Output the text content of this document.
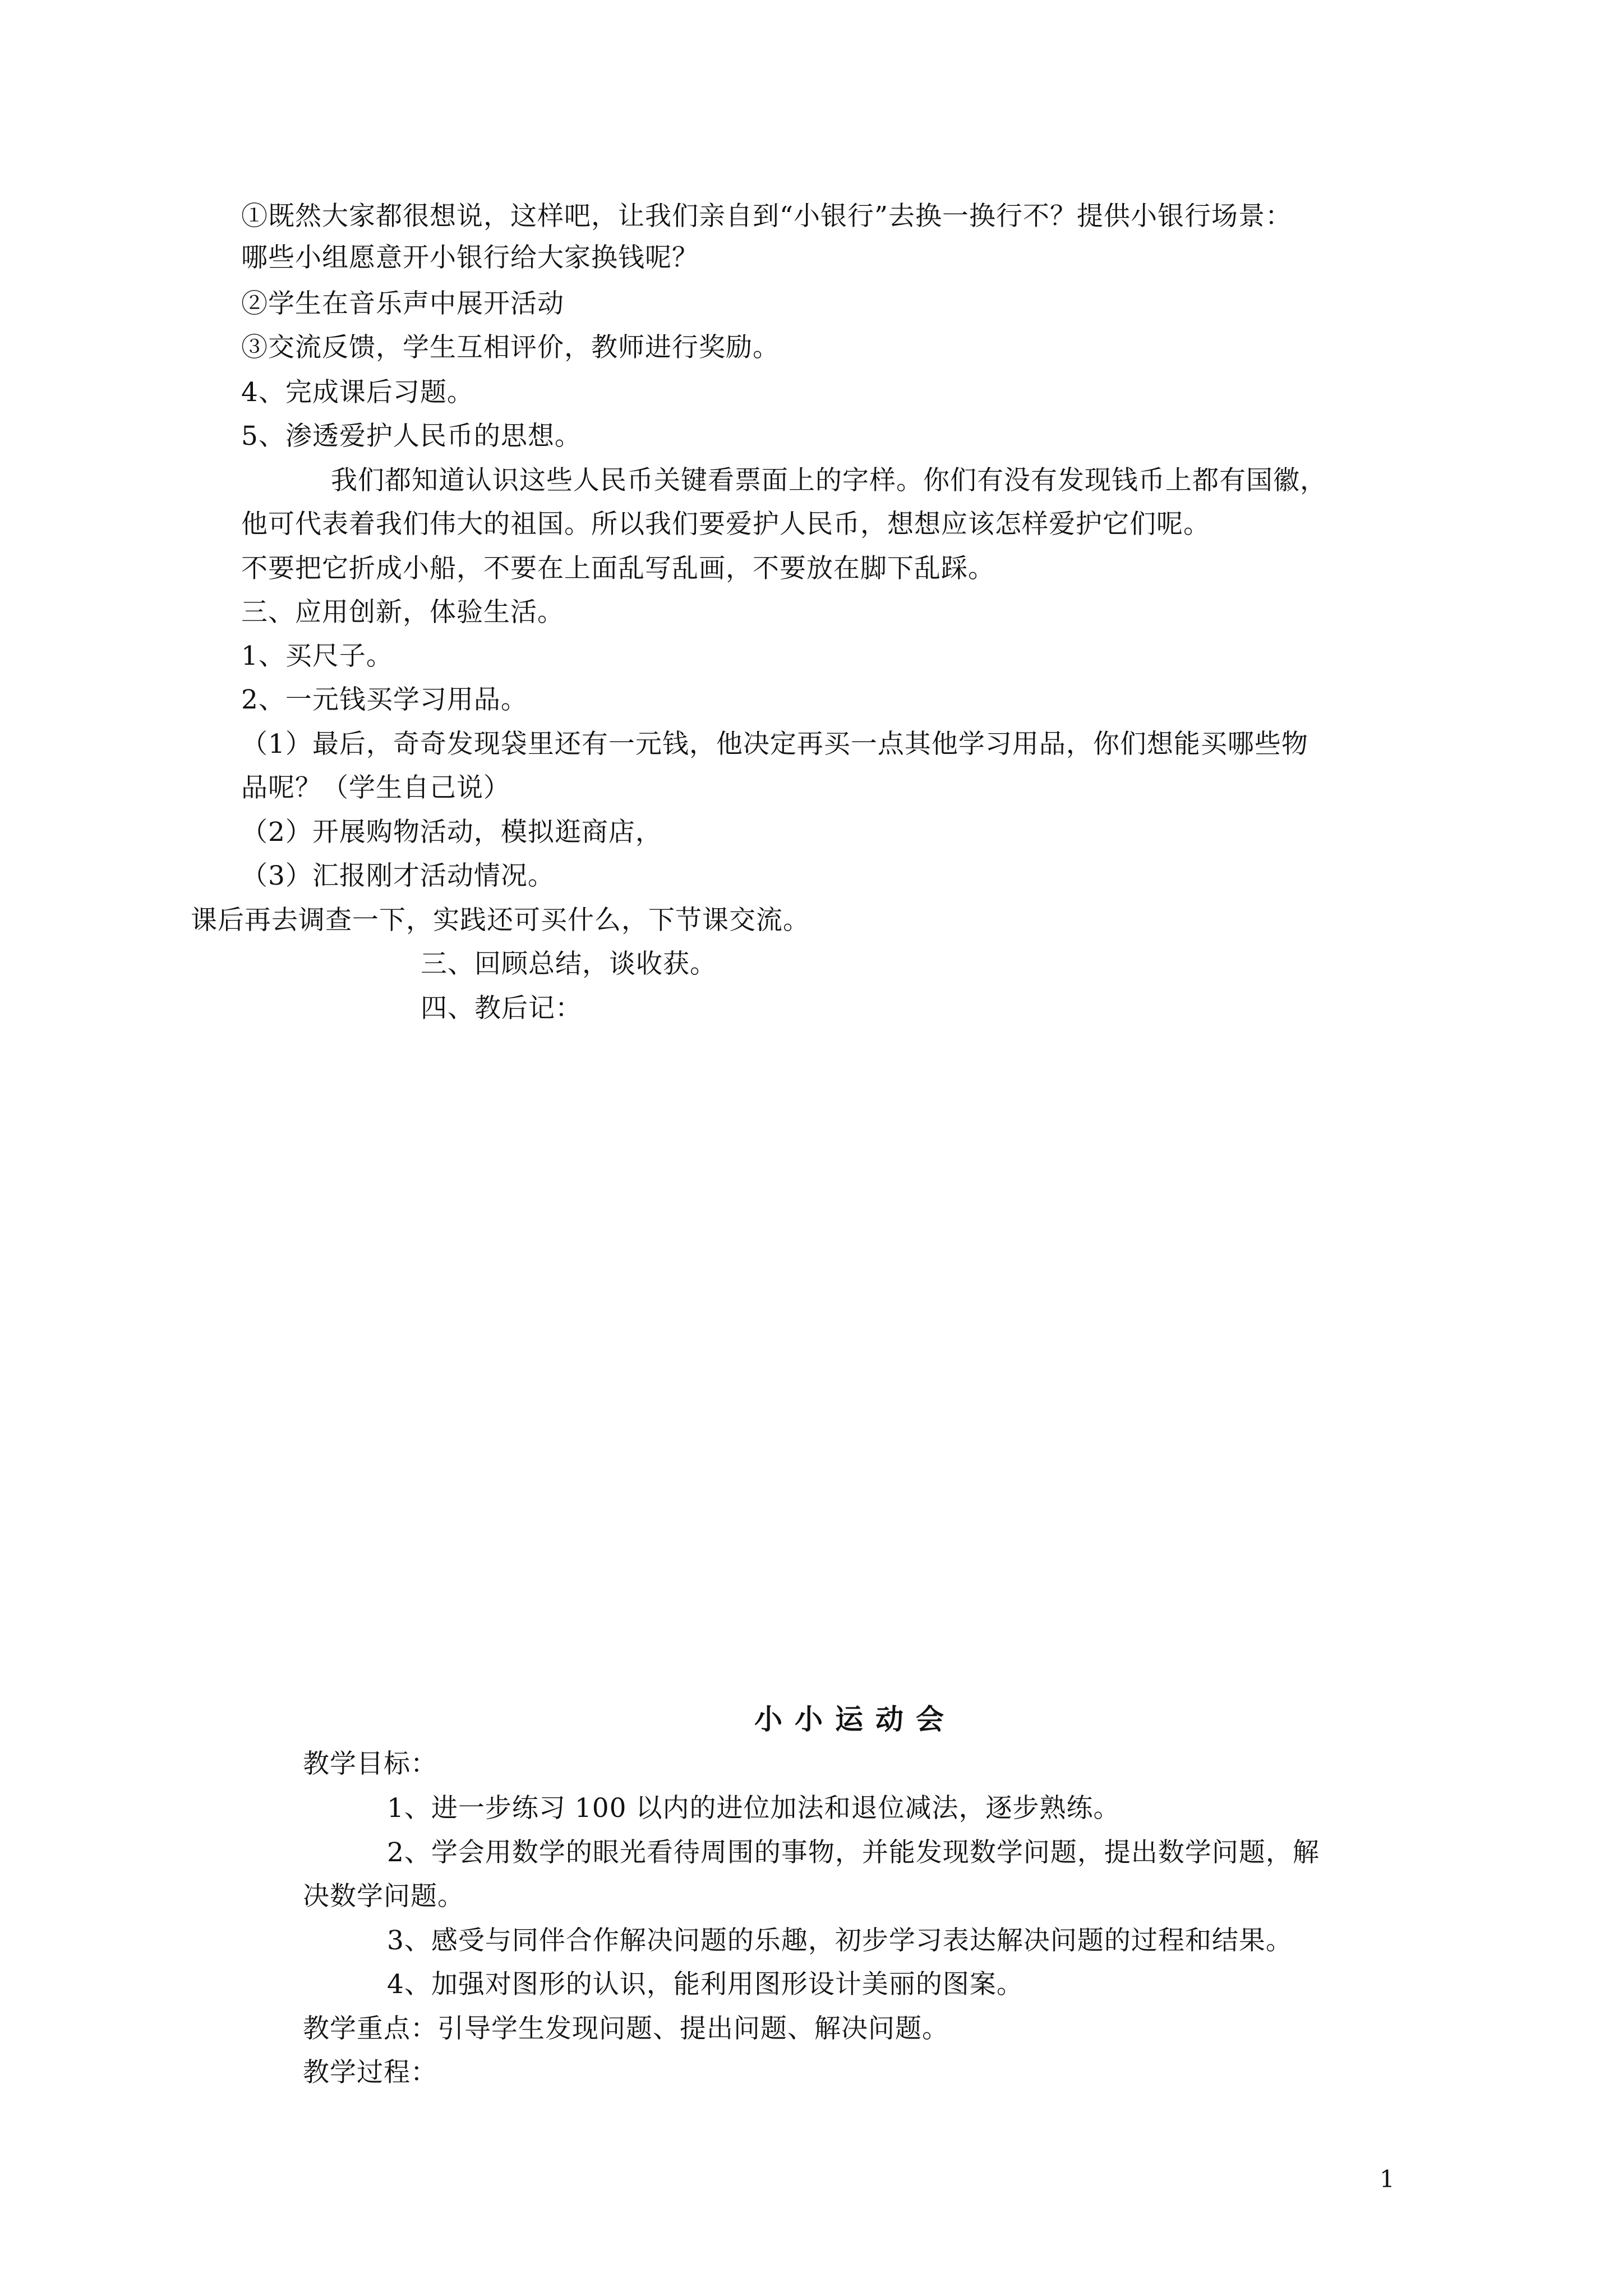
①既然大家都很想说，这样吧，让我们亲自到“小银行”去换一换行不？提供小银行场景：
哪些小组愿意开小银行给大家换钱呢？
②学生在音乐声中展开活动
③交流反馈，学生互相评价，教师进行奖励。
4、完成课后习题。
5、渗透爱护人民币的思想。
我们都知道认识这些人民币关键看票面上的字样。你们有没有发现钱币上都有国徽，
他可代表着我们伟大的祖国。所以我们要爱护人民币，想想应该怎样爱护它们呢。
不要把它折成小船，不要在上面乱写乱画，不要放在脚下乱踩。
三、应用创新，体验生活。
1、买尺子。
2、一元钱买学习用品。
（1）最后，奇奇发现袋里还有一元钱，他决定再买一点其他学习用品，你们想能买哪些物
品呢？（学生自己说）
（2）开展购物活动，模拟逛商店，
（3）汇报刚才活动情况。
课后再去调查一下，实践还可买什么，下节课交流。
三、回顾总结，谈收获。
四、教后记：
小小运动会
教学目标：
1、进一步练习 100 以内的进位加法和退位减法，逐步熟练。
2、学会用数学的眼光看待周围的事物，并能发现数学问题，提出数学问题，解
决数学问题。
3、感受与同伴合作解决问题的乐趣，初步学习表达解决问题的过程和结果。
4、加强对图形的认识，能利用图形设计美丽的图案。
教学重点：引导学生发现问题、提出问题、解决问题。
教学过程：
1
